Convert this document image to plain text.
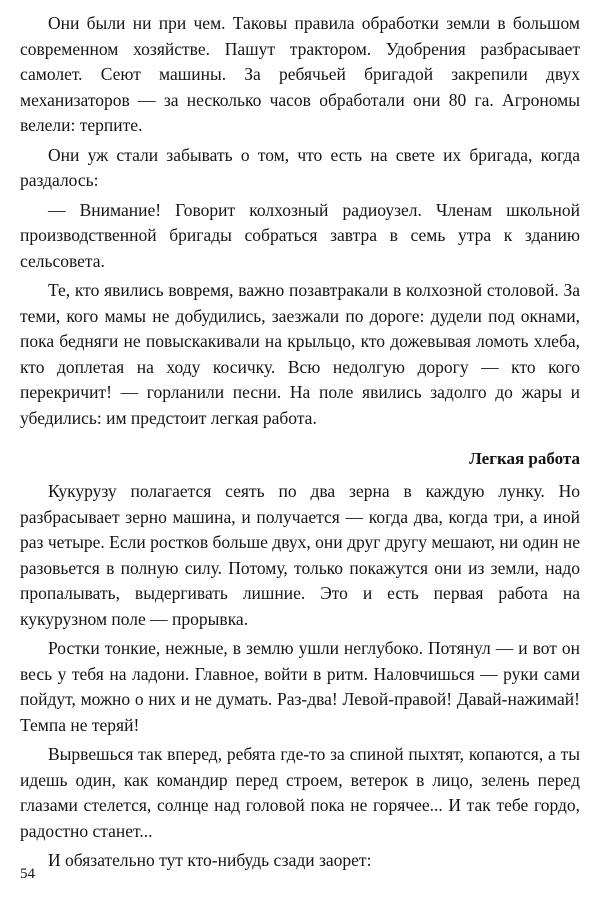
Они были ни при чем. Таковы правила обработки земли в большом современном хозяйстве. Пашут трактором. Удобрения разбрасывает самолет. Сеют машины. За ребячьей бригадой закрепили двух механизаторов — за несколько часов обработали они 80 га. Агрономы велели: терпите.

Они уж стали забывать о том, что есть на свете их бригада, когда раздалось:

— Внимание! Говорит колхозный радиоузел. Членам школьной производственной бригады собраться завтра в семь утра к зданию сельсовета.

Те, кто явились вовремя, важно позавтракали в колхозной столовой. За теми, кого мамы не добудились, заезжали по дороге: дудели под окнами, пока бедняги не повыскакивали на крыльцо, кто дожевывая ломоть хлеба, кто доплетая на ходу косичку. Всю недолгую дорогу — кто кого перекричит! — горланили песни. На поле явились задолго до жары и убедились: им предстоит легкая работа.

Легкая работа

Кукурузу полагается сеять по два зерна в каждую лунку. Но разбрасывает зерно машина, и получается — когда два, когда три, а иной раз четыре. Если ростков больше двух, они друг другу мешают, ни один не разовьется в полную силу. Потому, только покажутся они из земли, надо пропалывать, выдергивать лишние. Это и есть первая работа на кукурузном поле — прорывка.

Ростки тонкие, нежные, в землю ушли неглубоко. Потянул — и вот он весь у тебя на ладони. Главное, войти в ритм. Наловчишься — руки сами пойдут, можно о них и не думать. Раз-два! Левой-правой! Давай-нажимай! Темпа не теряй!

Вырвешься так вперед, ребята где-то за спиной пыхтят, копаются, а ты идешь один, как командир перед строем, ветерок в лицо, зелень перед глазами стелется, солнце над головой пока не горячее... И так тебе гордо, радостно станет...

И обязательно тут кто-нибудь сзади заорет:

54
